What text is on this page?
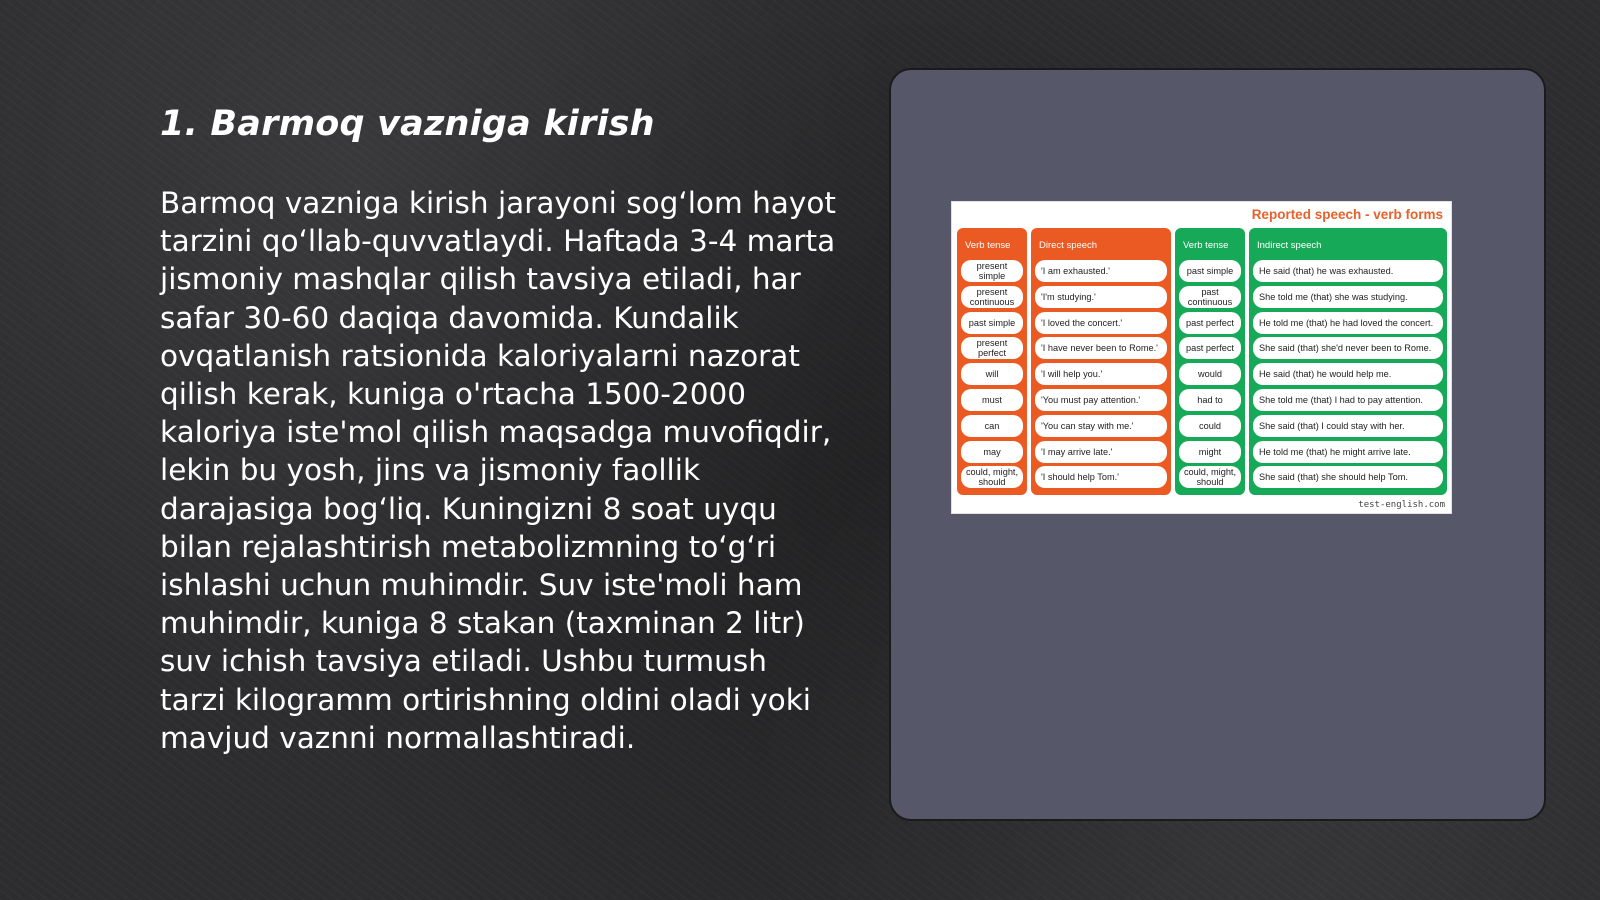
1. Barmoq vazniga kirish

Barmoq vazniga kirish jarayoni sog‘lom hayot tarzini qo‘llab-quvvatlaydi. Haftada 3-4 marta jismoniy mashqlar qilish tavsiya etiladi, har safar 30-60 daqiqa davomida. Kundalik ovqatlanish ratsionida kaloriyalarni nazorat qilish kerak, kuniga o'rtacha 1500-2000 kaloriya iste'mol qilish maqsadga muvofiqdir, lekin bu yosh, jins va jismoniy faollik darajasiga bog‘liq. Kuningizni 8 soat uyqu bilan rejalashtirish metabolizmning to‘g‘ri ishlashi uchun muhimdir. Suv iste'moli ham muhimdir, kuniga 8 stakan (taxminan 2 litr) suv ichish tavsiya etiladi. Ushbu turmush tarzi kilogramm ortirishning oldini oladi yoki mavjud vaznni normallashtiradi.

Reported speech - verb forms
Verb tense	Direct speech	Verb tense	Indirect speech
test-english.com
present simple	'I am exhausted.'	past simple	He said (that) he was exhausted.
present continuous	'I'm studying.'	past continuous	She told me (that) she was studying.
past simple	'I loved the concert.'	past perfect	He told me (that) he had loved the concert.
present perfect	'I have never been to Rome.'	past perfect	She said (that) she'd never been to Rome.
will	'I will help you.'	would	He said (that) he would help me.
must	'You must pay attention.'	had to	She told me (that) I had to pay attention.
can	'You can stay with me.'	could	She said (that) I could stay with her.
may	'I may arrive late.'	might	He told me (that) he might arrive late.
could, might, should	'I should help Tom.'	could, might, should	She said (that) she should help Tom.
